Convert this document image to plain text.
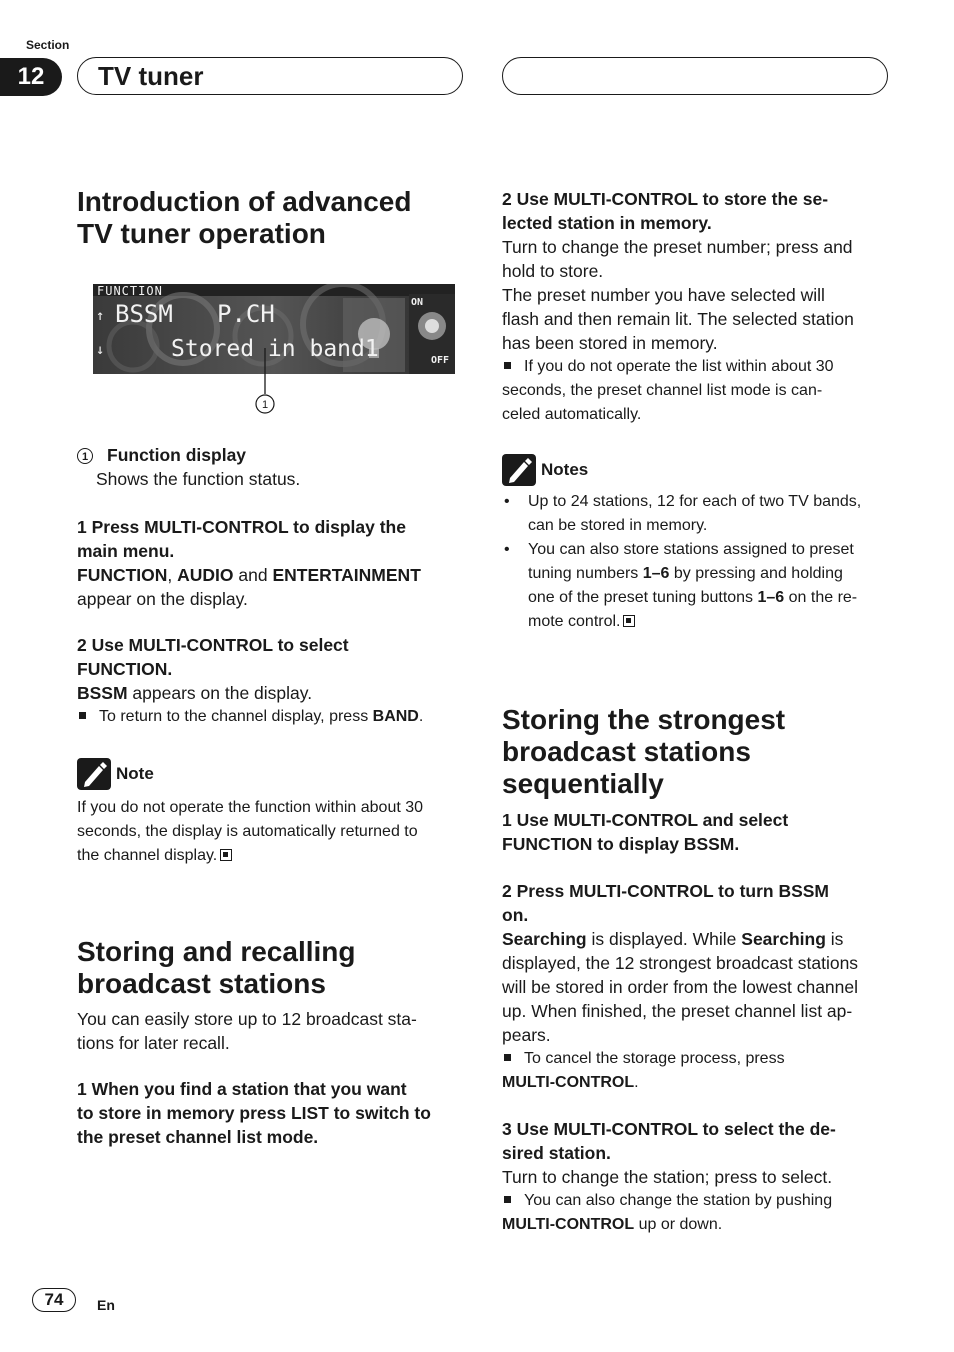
Section
12	TV tuner

Introduction of advanced

TV tuner operation

FUNCTION
BSSM P.CH
Stored in band1
ON
OFF
↑
↓
1

1 Function display

Shows the function status.

1 Press MULTI-CONTROL to display the

main menu.

FUNCTION, AUDIO and ENTERTAINMENT

appear on the display.

2 Use MULTI-CONTROL to select

FUNCTION.

BSSM appears on the display.

To return to the channel display, press BAND.

Note

If you do not operate the function within about 30

seconds, the display is automatically returned to

the channel display.

Storing and recalling

broadcast stations

You can easily store up to 12 broadcast sta-

tions for later recall.

1 When you find a station that you want

to store in memory press LIST to switch to

the preset channel list mode.

2 Use MULTI-CONTROL to store the se-

lected station in memory.

Turn to change the preset number; press and

hold to store.

The preset number you have selected will

flash and then remain lit. The selected station

has been stored in memory.

If you do not operate the list within about 30

seconds, the preset channel list mode is can-

celed automatically.

Notes

• Up to 24 stations, 12 for each of two TV bands,

can be stored in memory.

• You can also store stations assigned to preset

tuning numbers 1–6 by pressing and holding

one of the preset tuning buttons 1–6 on the re-

mote control.

Storing the strongest

broadcast stations

sequentially

1 Use MULTI-CONTROL and select

FUNCTION to display BSSM.

2 Press MULTI-CONTROL to turn BSSM

on.

Searching is displayed. While Searching is

displayed, the 12 strongest broadcast stations

will be stored in order from the lowest channel

up. When finished, the preset channel list ap-

pears.

To cancel the storage process, press

MULTI-CONTROL.

3 Use MULTI-CONTROL to select the de-

sired station.

Turn to change the station; press to select.

You can also change the station by pushing

MULTI-CONTROL up or down.

74	En
